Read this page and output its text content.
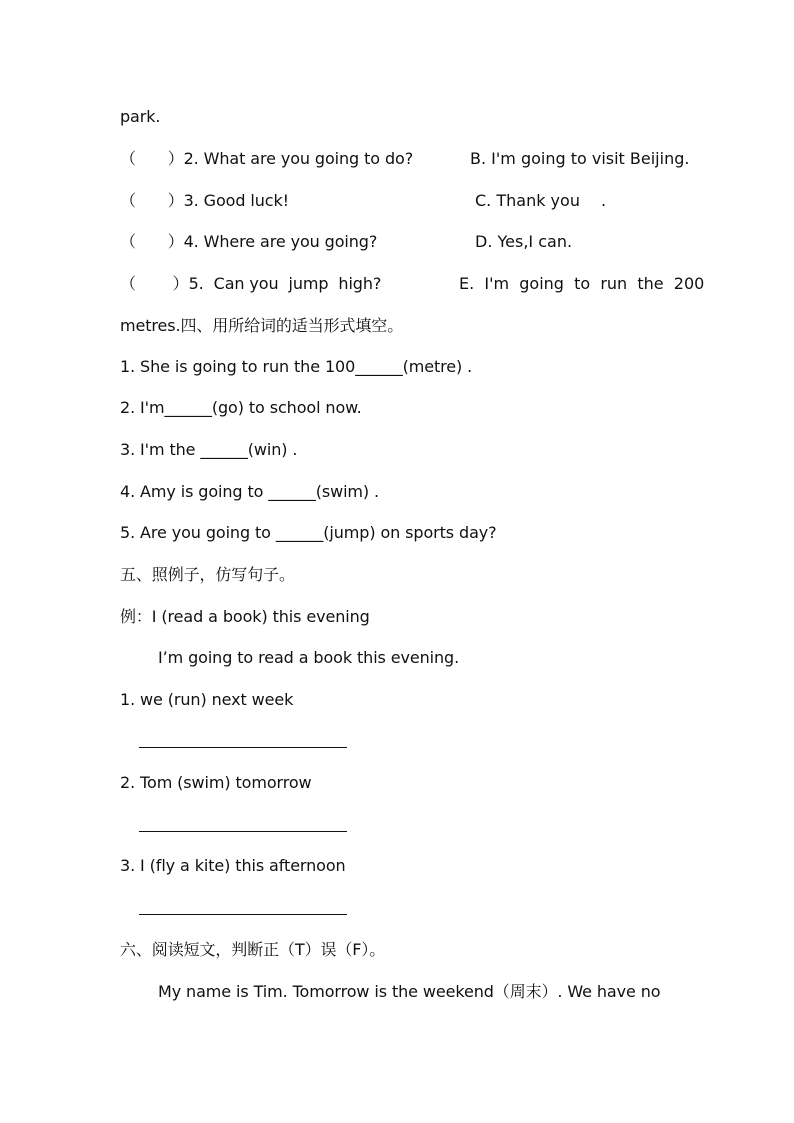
park.
（　　）2. What are you going to do?	B. I'm going to visit Beijing.
（　　）3. Good luck!	C. Thank you　 .
（　　）4. Where are you going?	D. Yes,I can.
（　　 ）5.  Can you  jump  high?	E.  I'm  going  to  run  the  200
metres.四、用所给词的适当形式填空。
1. She is going to run the 100______(metre) .
2. I'm______(go) to school now.
3. I'm the ______(win) .
4. Amy is going to ______(swim) .
5. Are you going to ______(jump) on sports day?
五、照例子，仿写句子。
例：I (read a book) this evening
I’m going to read a book this evening.
1. we (run) next week
2. Tom (swim) tomorrow
3. I (fly a kite) this afternoon
六、阅读短文，判断正（T）误（F）。
My name is Tim. Tomorrow is the weekend（周末）. We have no
